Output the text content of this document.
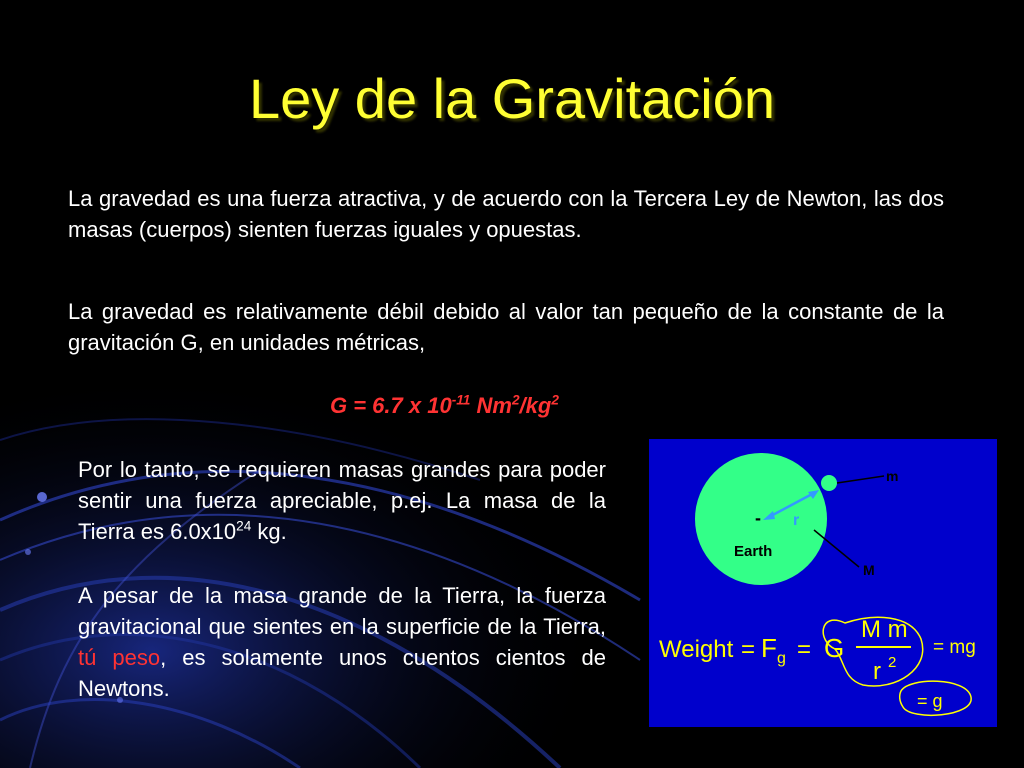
Ley de la Gravitación

La gravedad es una fuerza atractiva, y de acuerdo con la Tercera Ley de Newton, las dos masas (cuerpos) sienten fuerzas iguales y opuestas.

La gravedad es relativamente débil debido al valor tan pequeño de la constante de la gravitación G, en unidades métricas,

G = 6.7 x $10^{-11}$ $Nm^2/kg^2$

Por lo tanto, se requieren masas grandes para poder sentir una fuerza apreciable, p.ej. La masa de la Tierra es $6.0x10^{24}$ kg.

A pesar de la masa grande de la Tierra, la fuerza gravitacional que sientes en la superficie de la Tierra, tú peso, es solamente unos cuentos cientos de Newtons.

- r
Earth
m
M
Weight = F g = G
M m
r 2
= mg
= g
